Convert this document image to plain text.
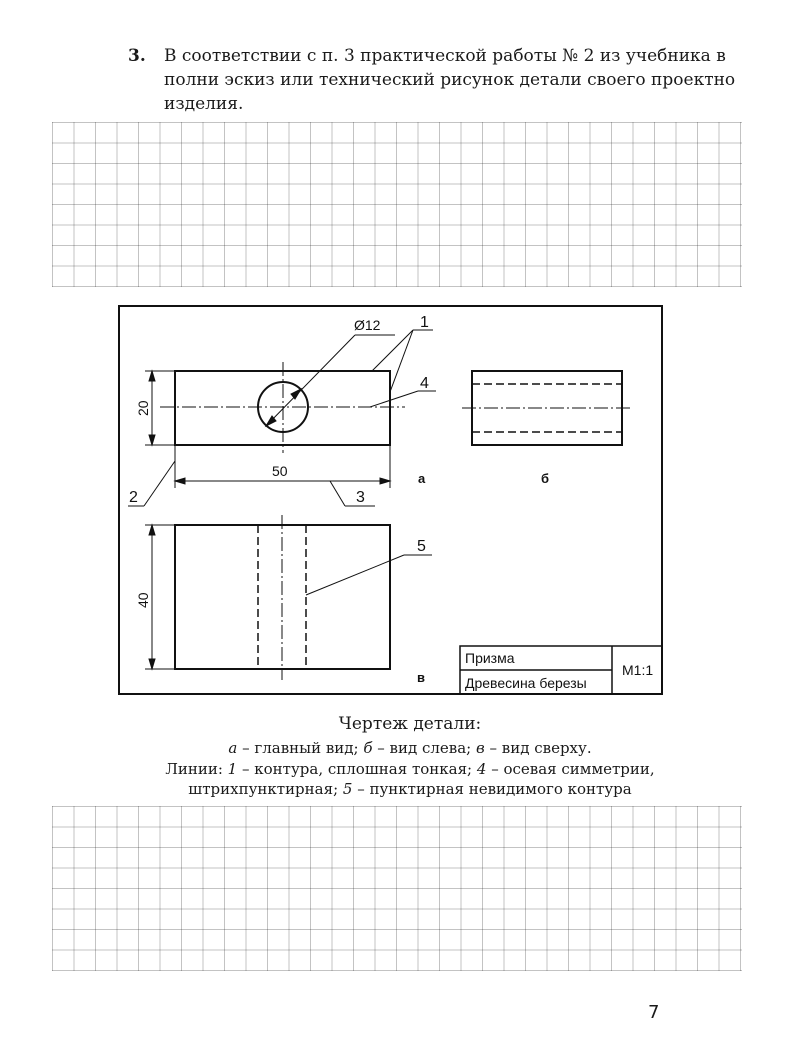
3. В соответствии с п. 3 практической работы № 2 из учебника в полни эскиз или технический рисунок детали своего проектно изделия.
Ø12 1
4
20
50
2	3
а	б
40
5
в
Призма
Древесина березы
М1:1
Чертеж детали:
а – главный вид; б – вид слева; в – вид сверху.
Линии: 1 – контура, сплошная тонкая; 4 – осевая симметрии,
штрихпунктирная; 5 – пунктирная невидимого контура
7
